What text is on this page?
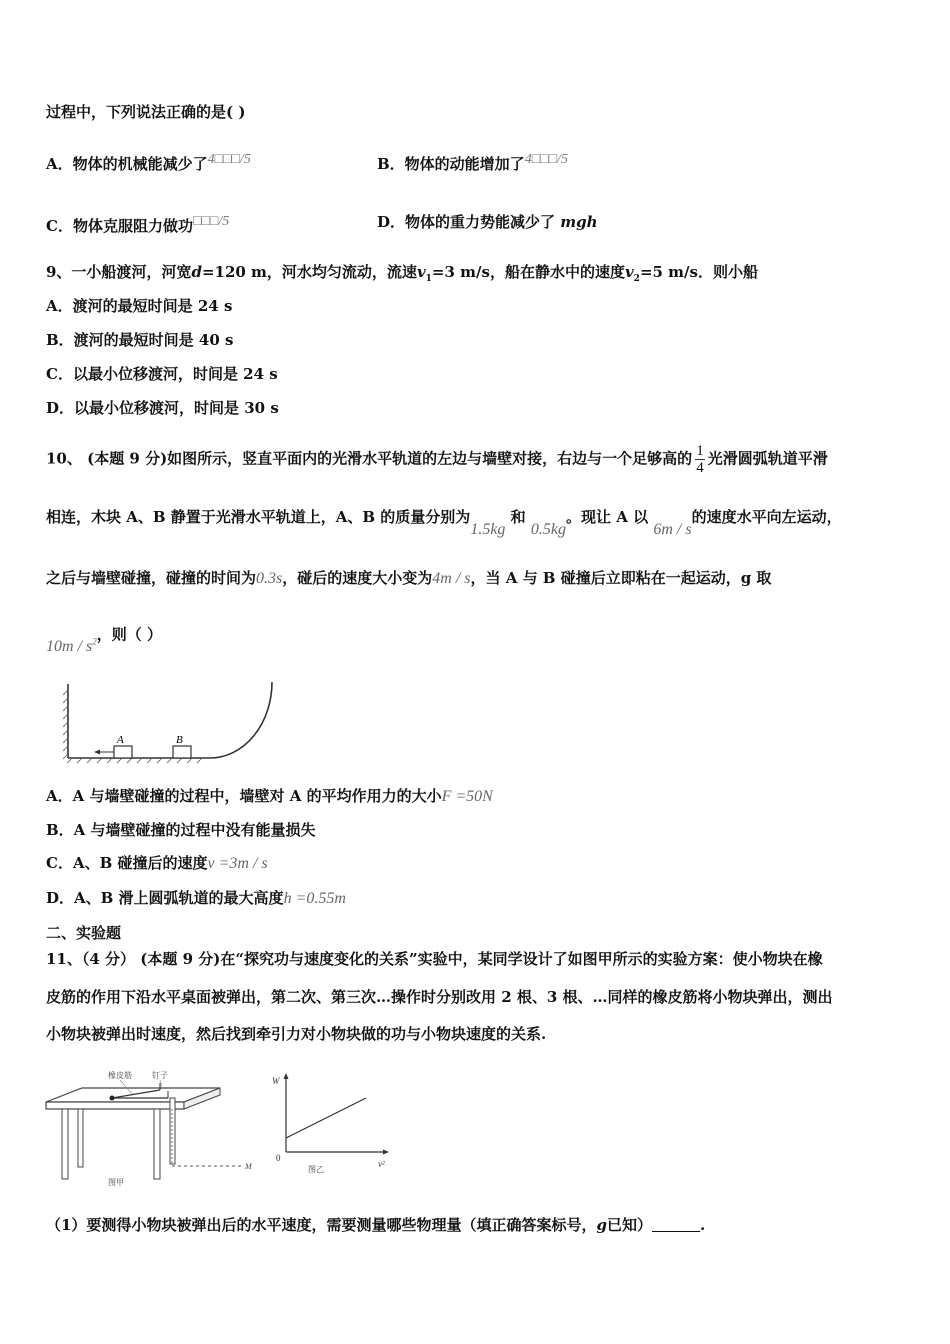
过程中，下列说法正确的是( )
A．物体的机械能减少了4□□□/5	B．物体的动能增加了4□□□/5
C．物体克服阻力做功□□□/5	D．物体的重力势能减少了 mgh
9、一小船渡河，河宽d=120 m，河水均匀流动，流速$v_1=3$ m/s，船在静水中的速度$v_2=5$ m/s．则小船
A．渡河的最短时间是 24 s
B．渡河的最短时间是 40 s
C．以最小位移渡河，时间是 24 s
D．以最小位移渡河，时间是 30 s
10、 (本题 9 分)如图所示，竖直平面内的光滑水平轨道的左边与墙壁对接，右边与一个足够高的 $\frac{1}{4}$ 光滑圆弧轨道平滑
相连，木块 A、B 静置于光滑水平轨道上，A、B 的质量分别为1.5kg 和 0.5kg。现让 A 以 6m / s的速度水平向左运动，
之后与墙壁碰撞，碰撞的时间为0.3s，碰后的速度大小变为4m / s，当 A 与 B 碰撞后立即粘在一起运动，g 取
$10m / s^2$，则（ ）
A	B
A．A 与墙壁碰撞的过程中，墙壁对 A 的平均作用力的大小F =50N
B．A 与墙壁碰撞的过程中没有能量损失
C．A、B 碰撞后的速度v =3m / s
D．A、B 滑上圆弧轨道的最大高度h =0.55m
二、实验题
11、（4 分） (本题 9 分)在“探究功与速度变化的关系”实验中，某同学设计了如图甲所示的实验方案：使小物块在橡
皮筋的作用下沿水平桌面被弹出，第二次、第三次…操作时分别改用 2 根、3 根、…同样的橡皮筋将小物块弹出，测出
小物块被弹出时速度，然后找到牵引力对小物块做的功与小物块速度的关系.
橡皮筋	钉子
M
图甲
W
0
v²
图乙
（1）要测得小物块被弹出后的水平速度，需要测量哪些物理量（填正确答案标号，g已知）	.
